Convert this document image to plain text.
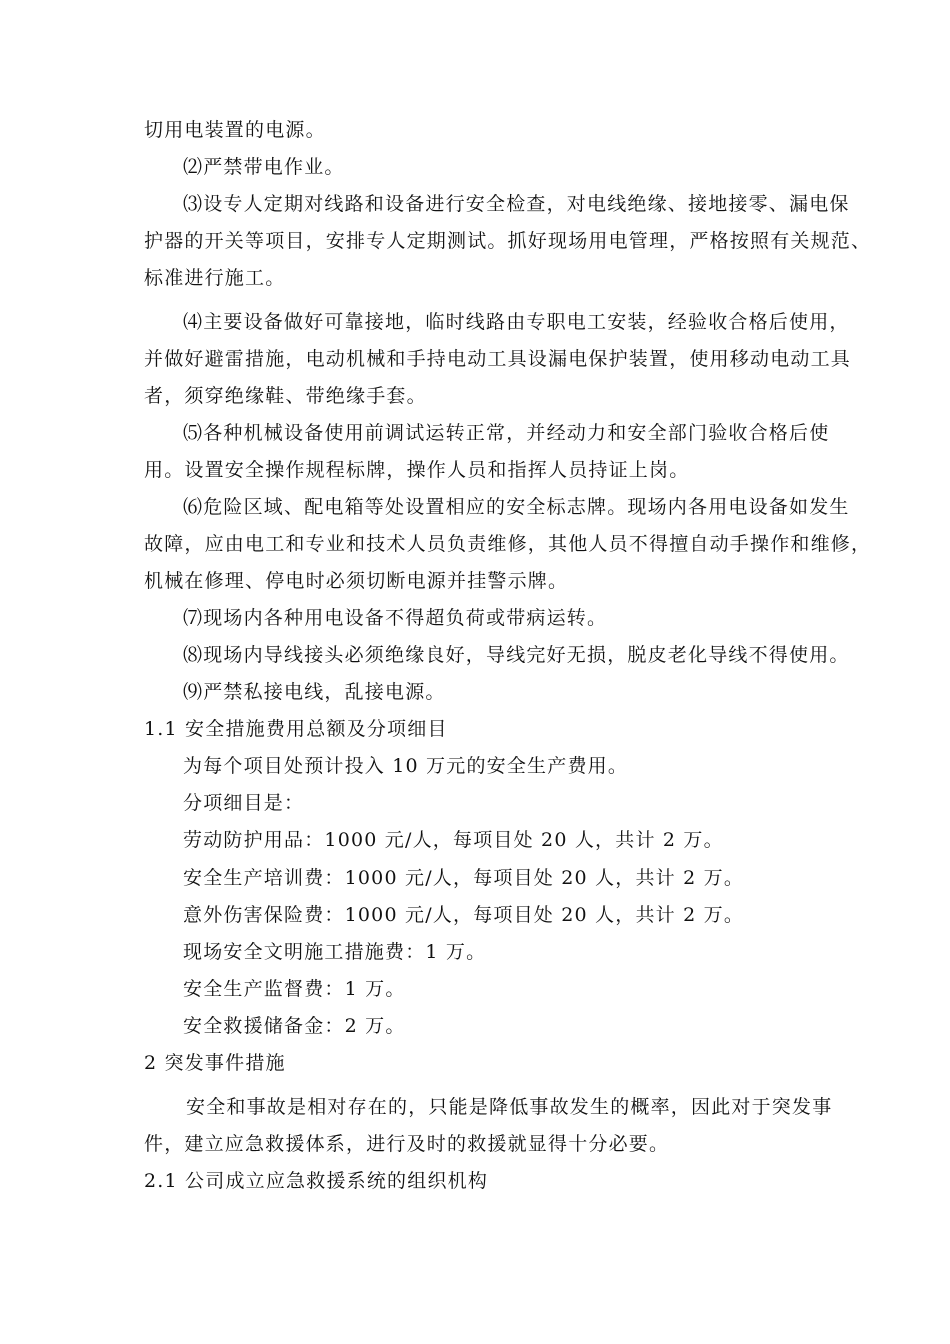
切用电装置的电源。
⑵严禁带电作业。
⑶设专人定期对线路和设备进行安全检查，对电线绝缘、接地接零、漏电保
护器的开关等项目，安排专人定期测试。抓好现场用电管理，严格按照有关规范、
标准进行施工。
⑷主要设备做好可靠接地，临时线路由专职电工安装，经验收合格后使用，
并做好避雷措施，电动机械和手持电动工具设漏电保护装置，使用移动电动工具
者，须穿绝缘鞋、带绝缘手套。
⑸各种机械设备使用前调试运转正常，并经动力和安全部门验收合格后使
用。设置安全操作规程标牌，操作人员和指挥人员持证上岗。
⑹危险区域、配电箱等处设置相应的安全标志牌。现场内各用电设备如发生
故障，应由电工和专业和技术人员负责维修，其他人员不得擅自动手操作和维修，
机械在修理、停电时必须切断电源并挂警示牌。
⑺现场内各种用电设备不得超负荷或带病运转。
⑻现场内导线接头必须绝缘良好，导线完好无损，脱皮老化导线不得使用。
⑼严禁私接电线，乱接电源。
1.1 安全措施费用总额及分项细目
为每个项目处预计投入 10 万元的安全生产费用。
分项细目是：
劳动防护用品：1000 元/人，每项目处 20 人，共计 2 万。
安全生产培训费：1000 元/人，每项目处 20 人，共计 2 万。
意外伤害保险费：1000 元/人，每项目处 20 人，共计 2 万。
现场安全文明施工措施费：1 万。
安全生产监督费：1 万。
安全救援储备金：2 万。
2 突发事件措施
安全和事故是相对存在的，只能是降低事故发生的概率，因此对于突发事
件，建立应急救援体系，进行及时的救援就显得十分必要。
2.1 公司成立应急救援系统的组织机构
